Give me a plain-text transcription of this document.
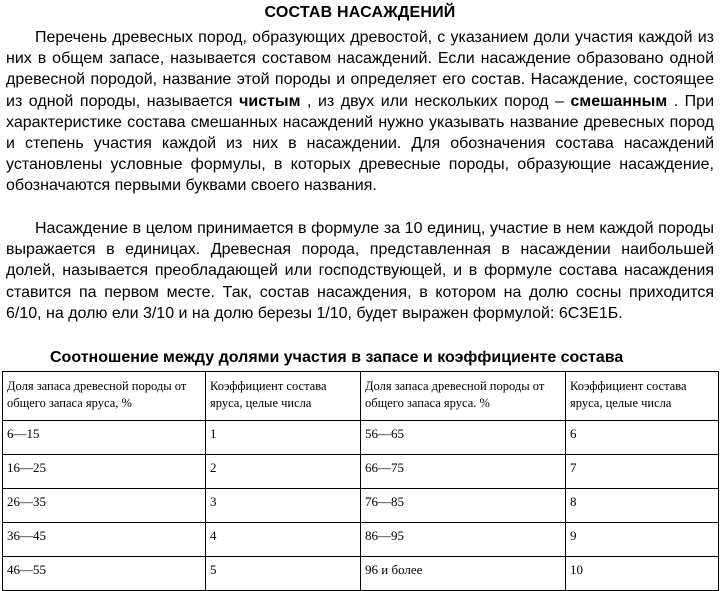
СОСТАВ НАСАЖДЕНИЙ
Перечень древесных пород, образующих древостой, с указанием доли участия каждой из них в общем запасе, называется составом насаждений. Если насаждение образовано одной древесной породой, название этой породы и определяет его состав. Насаждение, состоящее из одной породы, называется чистым , из двух или нескольких пород – смешанным . При характеристике состава смешанных насаждений нужно указывать название древесных пород и степень участия каждой из них в насаждении. Для обозначения состава насаждений установлены условные формулы, в которых древесные породы, образующие насаждение, обозначаются первыми буквами своего названия.
Насаждение в целом принимается в формуле за 10 единиц, участие в нем каждой породы выражается в единицах. Древесная порода, представленная в насаждении наибольшей долей, называется преобладающей или господствующей, и в формуле состава насаждения ставится па первом месте. Так, состав насаждения, в котором на долю сосны приходится 6/10, на долю ели 3/10 и на долю березы 1/10, будет выражен формулой: 6С3Е1Б.
Соотношение между долями участия в запасе и коэффициенте состава
Доля запаса древесной породы от общего запаса яруса, %	Коэффициент состава яруса, целые числа	Доля запаса древесной породы от общего запаса яруса. %	Коэффициент состава яруса, целые числа
6—15	1	56—65	6
16—25	2	66—75	7
26—35	3	76—85	8
36—45	4	86—95	9
46—55	5	96 и более	10
